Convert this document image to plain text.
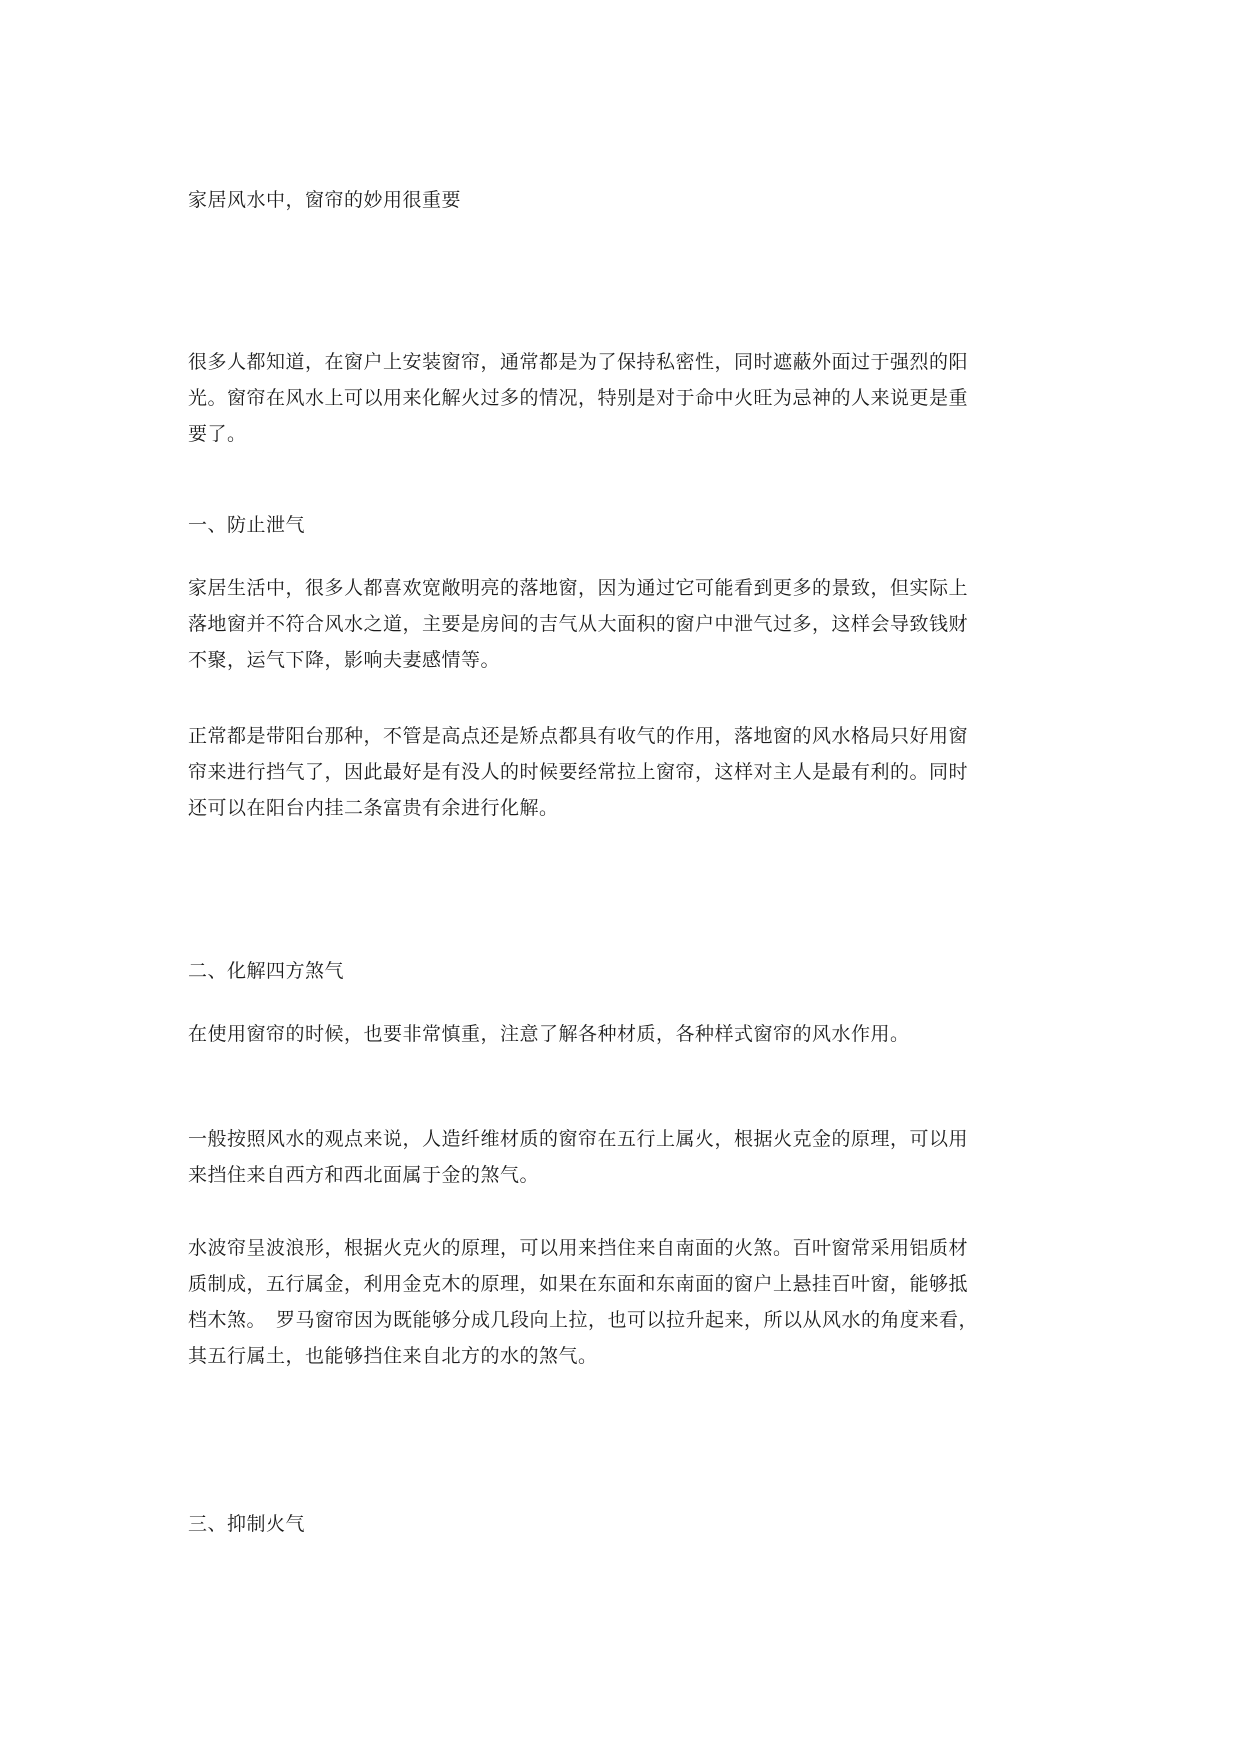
家居风水中，窗帘的妙用很重要

很多人都知道，在窗户上安装窗帘，通常都是为了保持私密性，同时遮蔽外面过于强烈的阳
光。窗帘在风水上可以用来化解火过多的情况，特别是对于命中火旺为忌神的人来说更是重
要了。

一、防止泄气

家居生活中，很多人都喜欢宽敞明亮的落地窗，因为通过它可能看到更多的景致，但实际上
落地窗并不符合风水之道，主要是房间的吉气从大面积的窗户中泄气过多，这样会导致钱财
不聚，运气下降，影响夫妻感情等。

正常都是带阳台那种，不管是高点还是矫点都具有收气的作用，落地窗的风水格局只好用窗
帘来进行挡气了，因此最好是有没人的时候要经常拉上窗帘，这样对主人是最有利的。同时
还可以在阳台内挂二条富贵有余进行化解。

二、化解四方煞气

在使用窗帘的时候，也要非常慎重，注意了解各种材质，各种样式窗帘的风水作用。

一般按照风水的观点来说，人造纤维材质的窗帘在五行上属火，根据火克金的原理，可以用
来挡住来自西方和西北面属于金的煞气。

水波帘呈波浪形，根据火克火的原理，可以用来挡住来自南面的火煞。百叶窗常采用铝质材
质制成，五行属金，利用金克木的原理，如果在东面和东南面的窗户上悬挂百叶窗，能够抵
档木煞。　罗马窗帘因为既能够分成几段向上拉，也可以拉升起来，所以从风水的角度来看，
其五行属土，也能够挡住来自北方的水的煞气。

三、抑制火气
